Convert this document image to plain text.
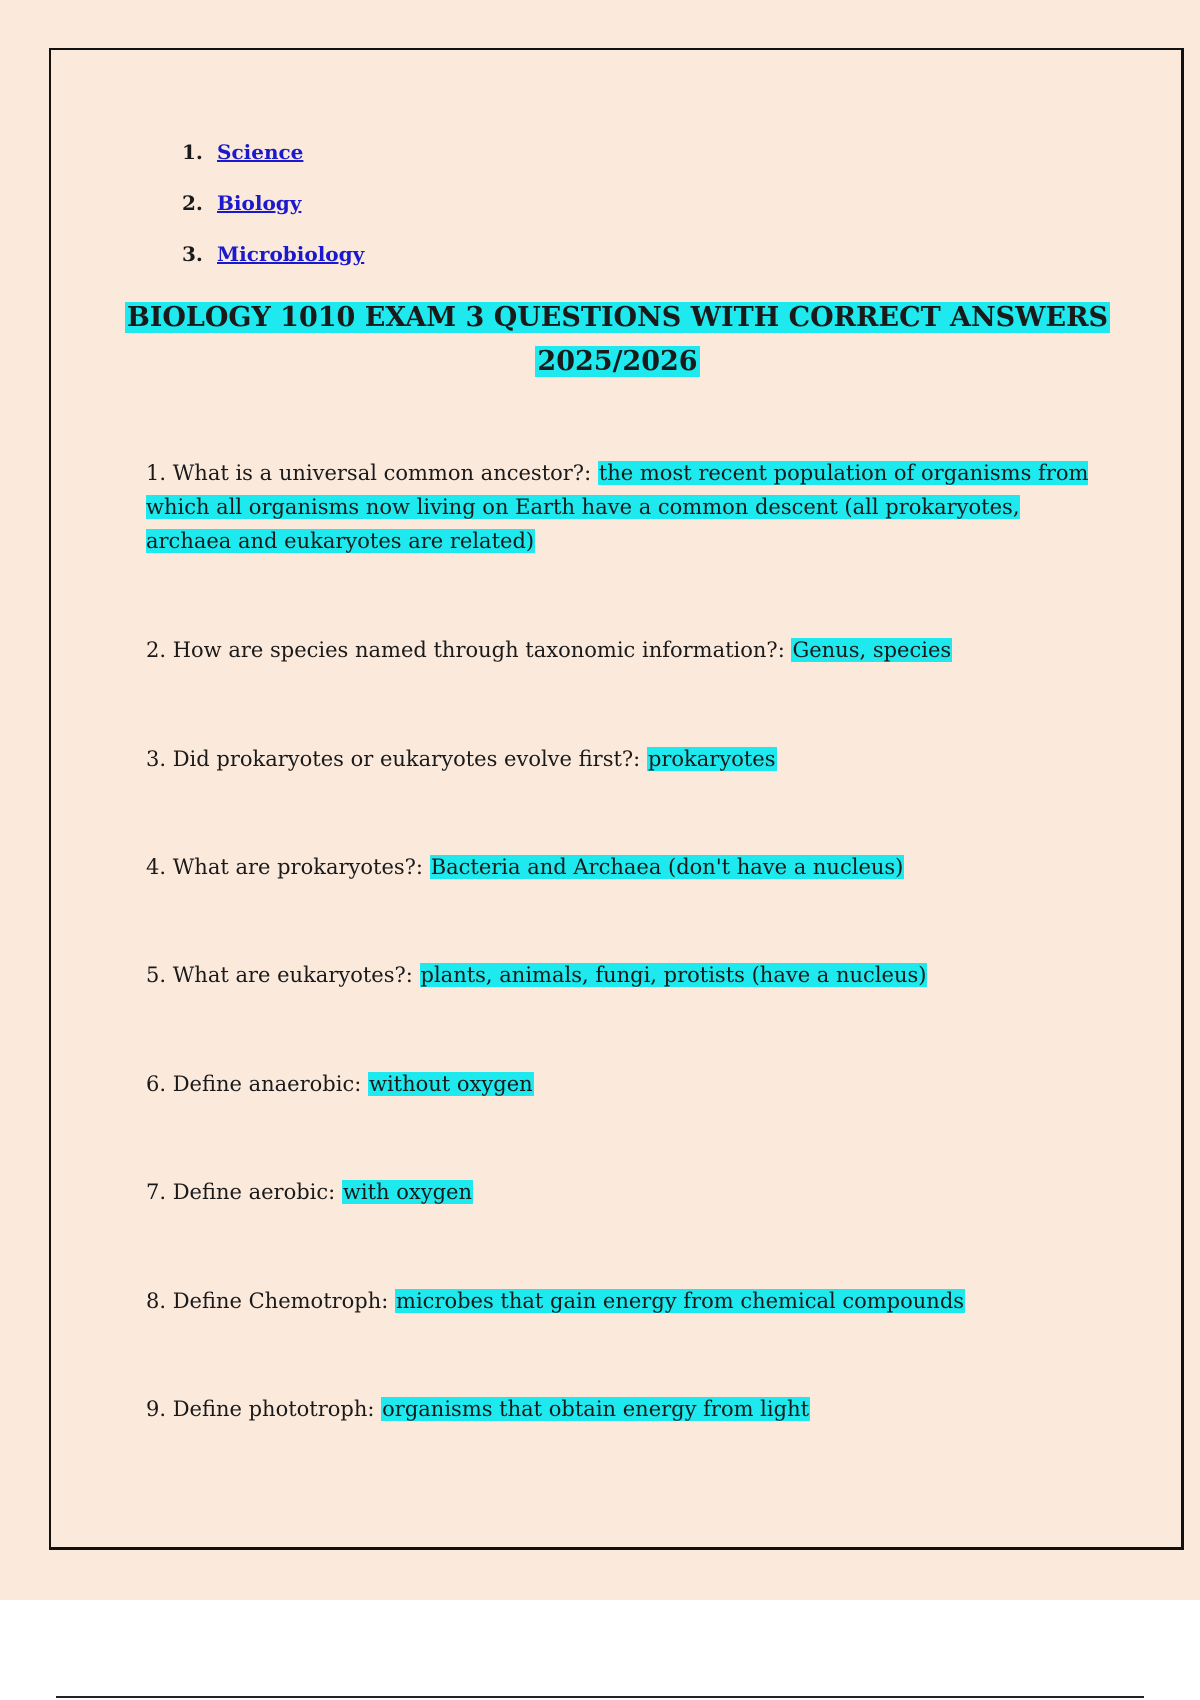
1. Science
2. Biology
3. Microbiology
BIOLOGY 1010 EXAM 3 QUESTIONS WITH CORRECT ANSWERS
2025/2026

1. What is a universal common ancestor?: the most recent population of organisms from which all organisms now living on Earth have a common descent (all prokaryotes, archaea and eukaryotes are related)

2. How are species named through taxonomic information?: Genus, species

3. Did prokaryotes or eukaryotes evolve first?: prokaryotes

4. What are prokaryotes?: Bacteria and Archaea (don't have a nucleus)

5. What are eukaryotes?: plants, animals, fungi, protists (have a nucleus)

6. Define anaerobic: without oxygen

7. Define aerobic: with oxygen

8. Define Chemotroph: microbes that gain energy from chemical compounds

9. Define phototroph: organisms that obtain energy from light
